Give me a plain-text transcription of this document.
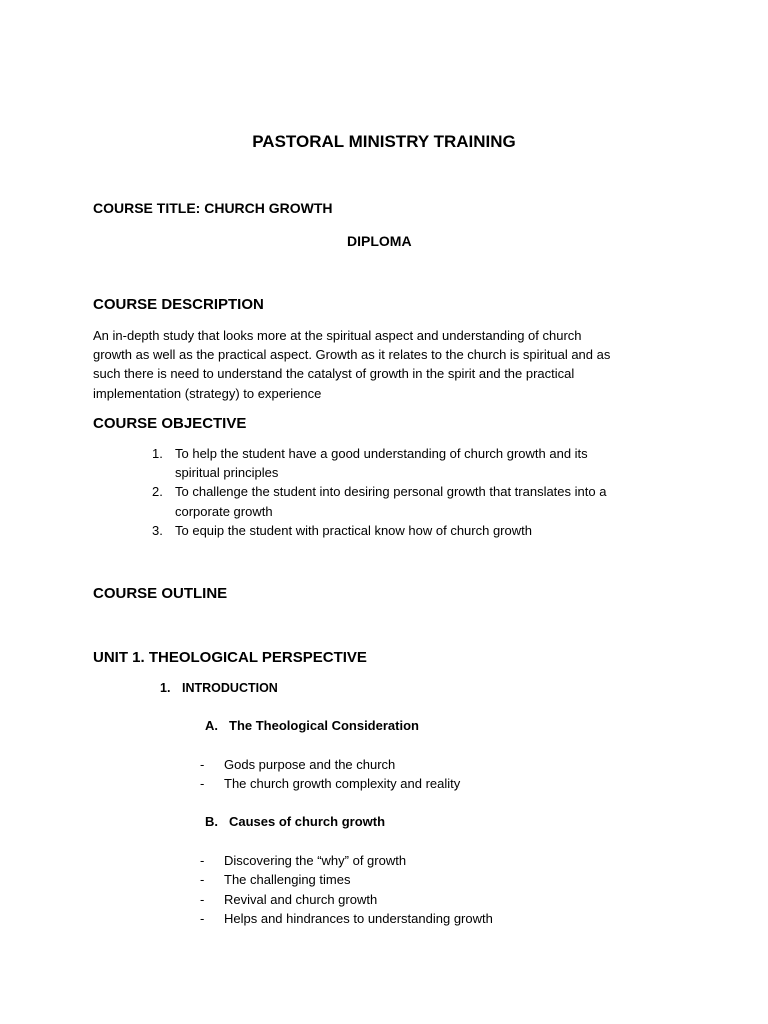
PASTORAL MINISTRY TRAINING
COURSE TITLE: CHURCH GROWTH
DIPLOMA
COURSE DESCRIPTION
An in-depth study that looks more at the spiritual aspect and understanding of church
growth as well as the practical aspect. Growth as it relates to the church is spiritual and as
such there is need to understand the catalyst of growth in the spirit and the practical
implementation (strategy) to experience
COURSE OBJECTIVE
1. To help the student have a good understanding of church growth and its
spiritual principles
2. To challenge the student into desiring personal growth that translates into a
corporate growth
3. To equip the student with practical know how of church growth
COURSE OUTLINE
UNIT 1. THEOLOGICAL PERSPECTIVE
1. INTRODUCTION
A. The Theological Consideration
- Gods purpose and the church
- The church growth complexity and reality
B. Causes of church growth
- Discovering the “why” of growth
- The challenging times
- Revival and church growth
- Helps and hindrances to understanding growth
